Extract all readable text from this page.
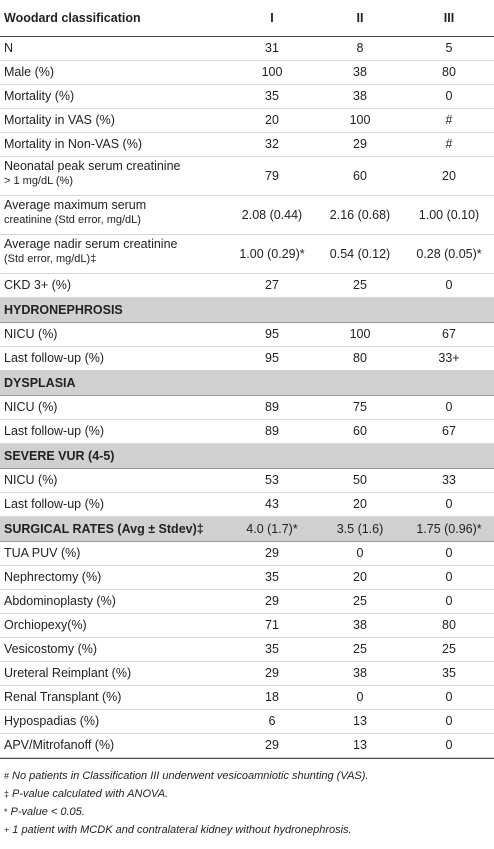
Woodard classification	I	II	III
N	31	8	5
Male (%)	100	38	80
Mortality (%)	35	38	0
Mortality in VAS (%)	20	100	#
Mortality in Non-VAS (%)	32	29	#

Neonatal peak serum creatinine
> 1 mg/dL (%)	79	60	20

Average maximum serum
creatinine (Std error, mg/dL)	2.08 (0.44)	2.16 (0.68)	1.00 (0.10)

Average nadir serum creatinine
(Std error, mg/dL)‡	1.00 (0.29)*	0.54 (0.12)	0.28 (0.05)*
CKD 3+ (%)	27	25	0
HYDRONEPHROSIS			
NICU (%)	95	100	67
Last follow-up (%)	95	80	33+
DYSPLASIA			
NICU (%)	89	75	0
Last follow-up (%)	89	60	67
SEVERE VUR (4-5)			
NICU (%)	53	50	33
Last follow-up (%)	43	20	0
SURGICAL RATES (Avg ± Stdev)‡	4.0 (1.7)*	3.5 (1.6)	1.75 (0.96)*
TUA PUV (%)	29	0	0
Nephrectomy (%)	35	20	0
Abdominoplasty (%)	29	25	0
Orchiopexy(%)	71	38	80
Vesicostomy (%)	35	25	25
Ureteral Reimplant (%)	29	38	35
Renal Transplant (%)	18	0	0
Hypospadias (%)	6	13	0
APV/Mitrofanoff (%)	29	13	0
# No patients in Classification III underwent vesicoamniotic shunting (VAS).
‡ P-value calculated with ANOVA.
* P-value < 0.05.
+ 1 patient with MCDK and contralateral kidney without hydronephrosis.
